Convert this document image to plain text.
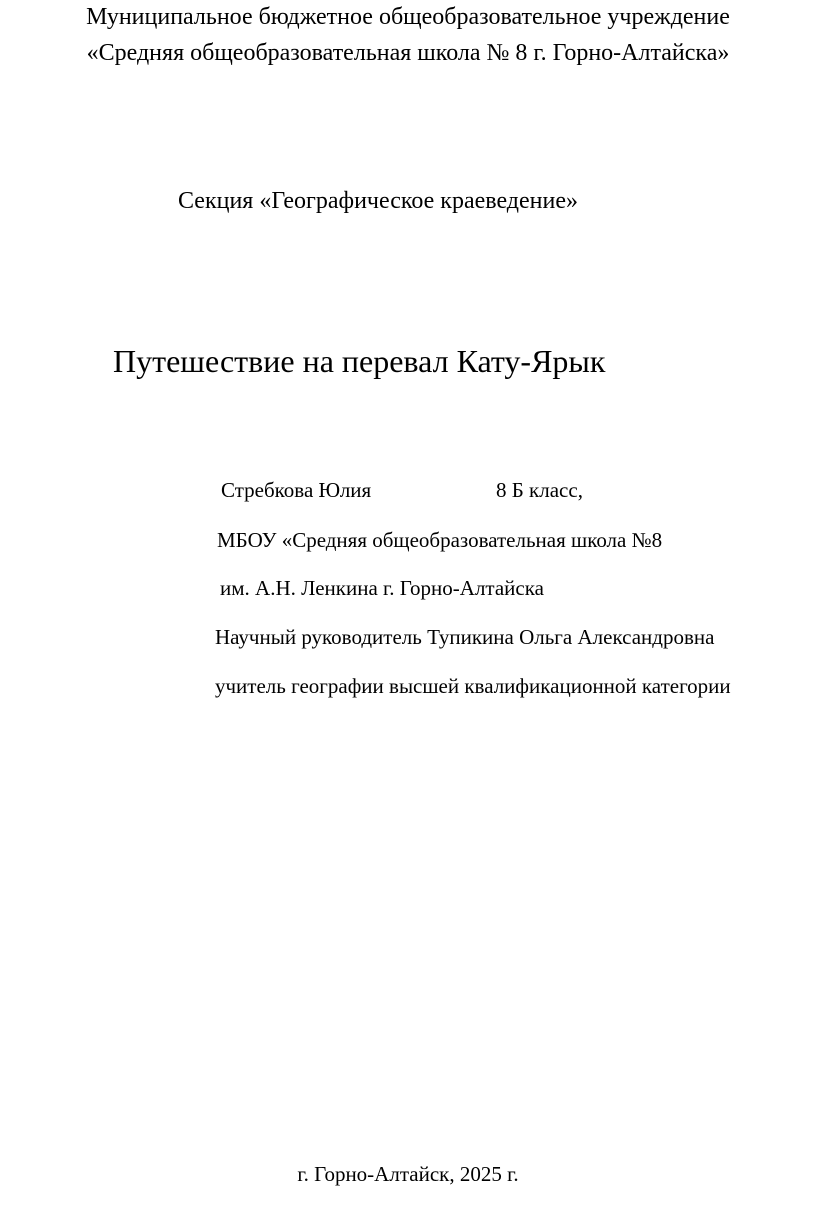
Муниципальное бюджетное общеобразовательное учреждение
«Средняя общеобразовательная школа № 8 г. Горно-Алтайска»
Секция «Географическое краеведение»
Путешествие на перевал Кату-Ярык
Стребкова Юлия	8 Б класс,
МБОУ «Средняя общеобразовательная школа №8
им. А.Н. Ленкина г. Горно-Алтайска
Научный руководитель Тупикина Ольга Александровна
учитель географии высшей квалификационной категории
г. Горно-Алтайск, 2025 г.
